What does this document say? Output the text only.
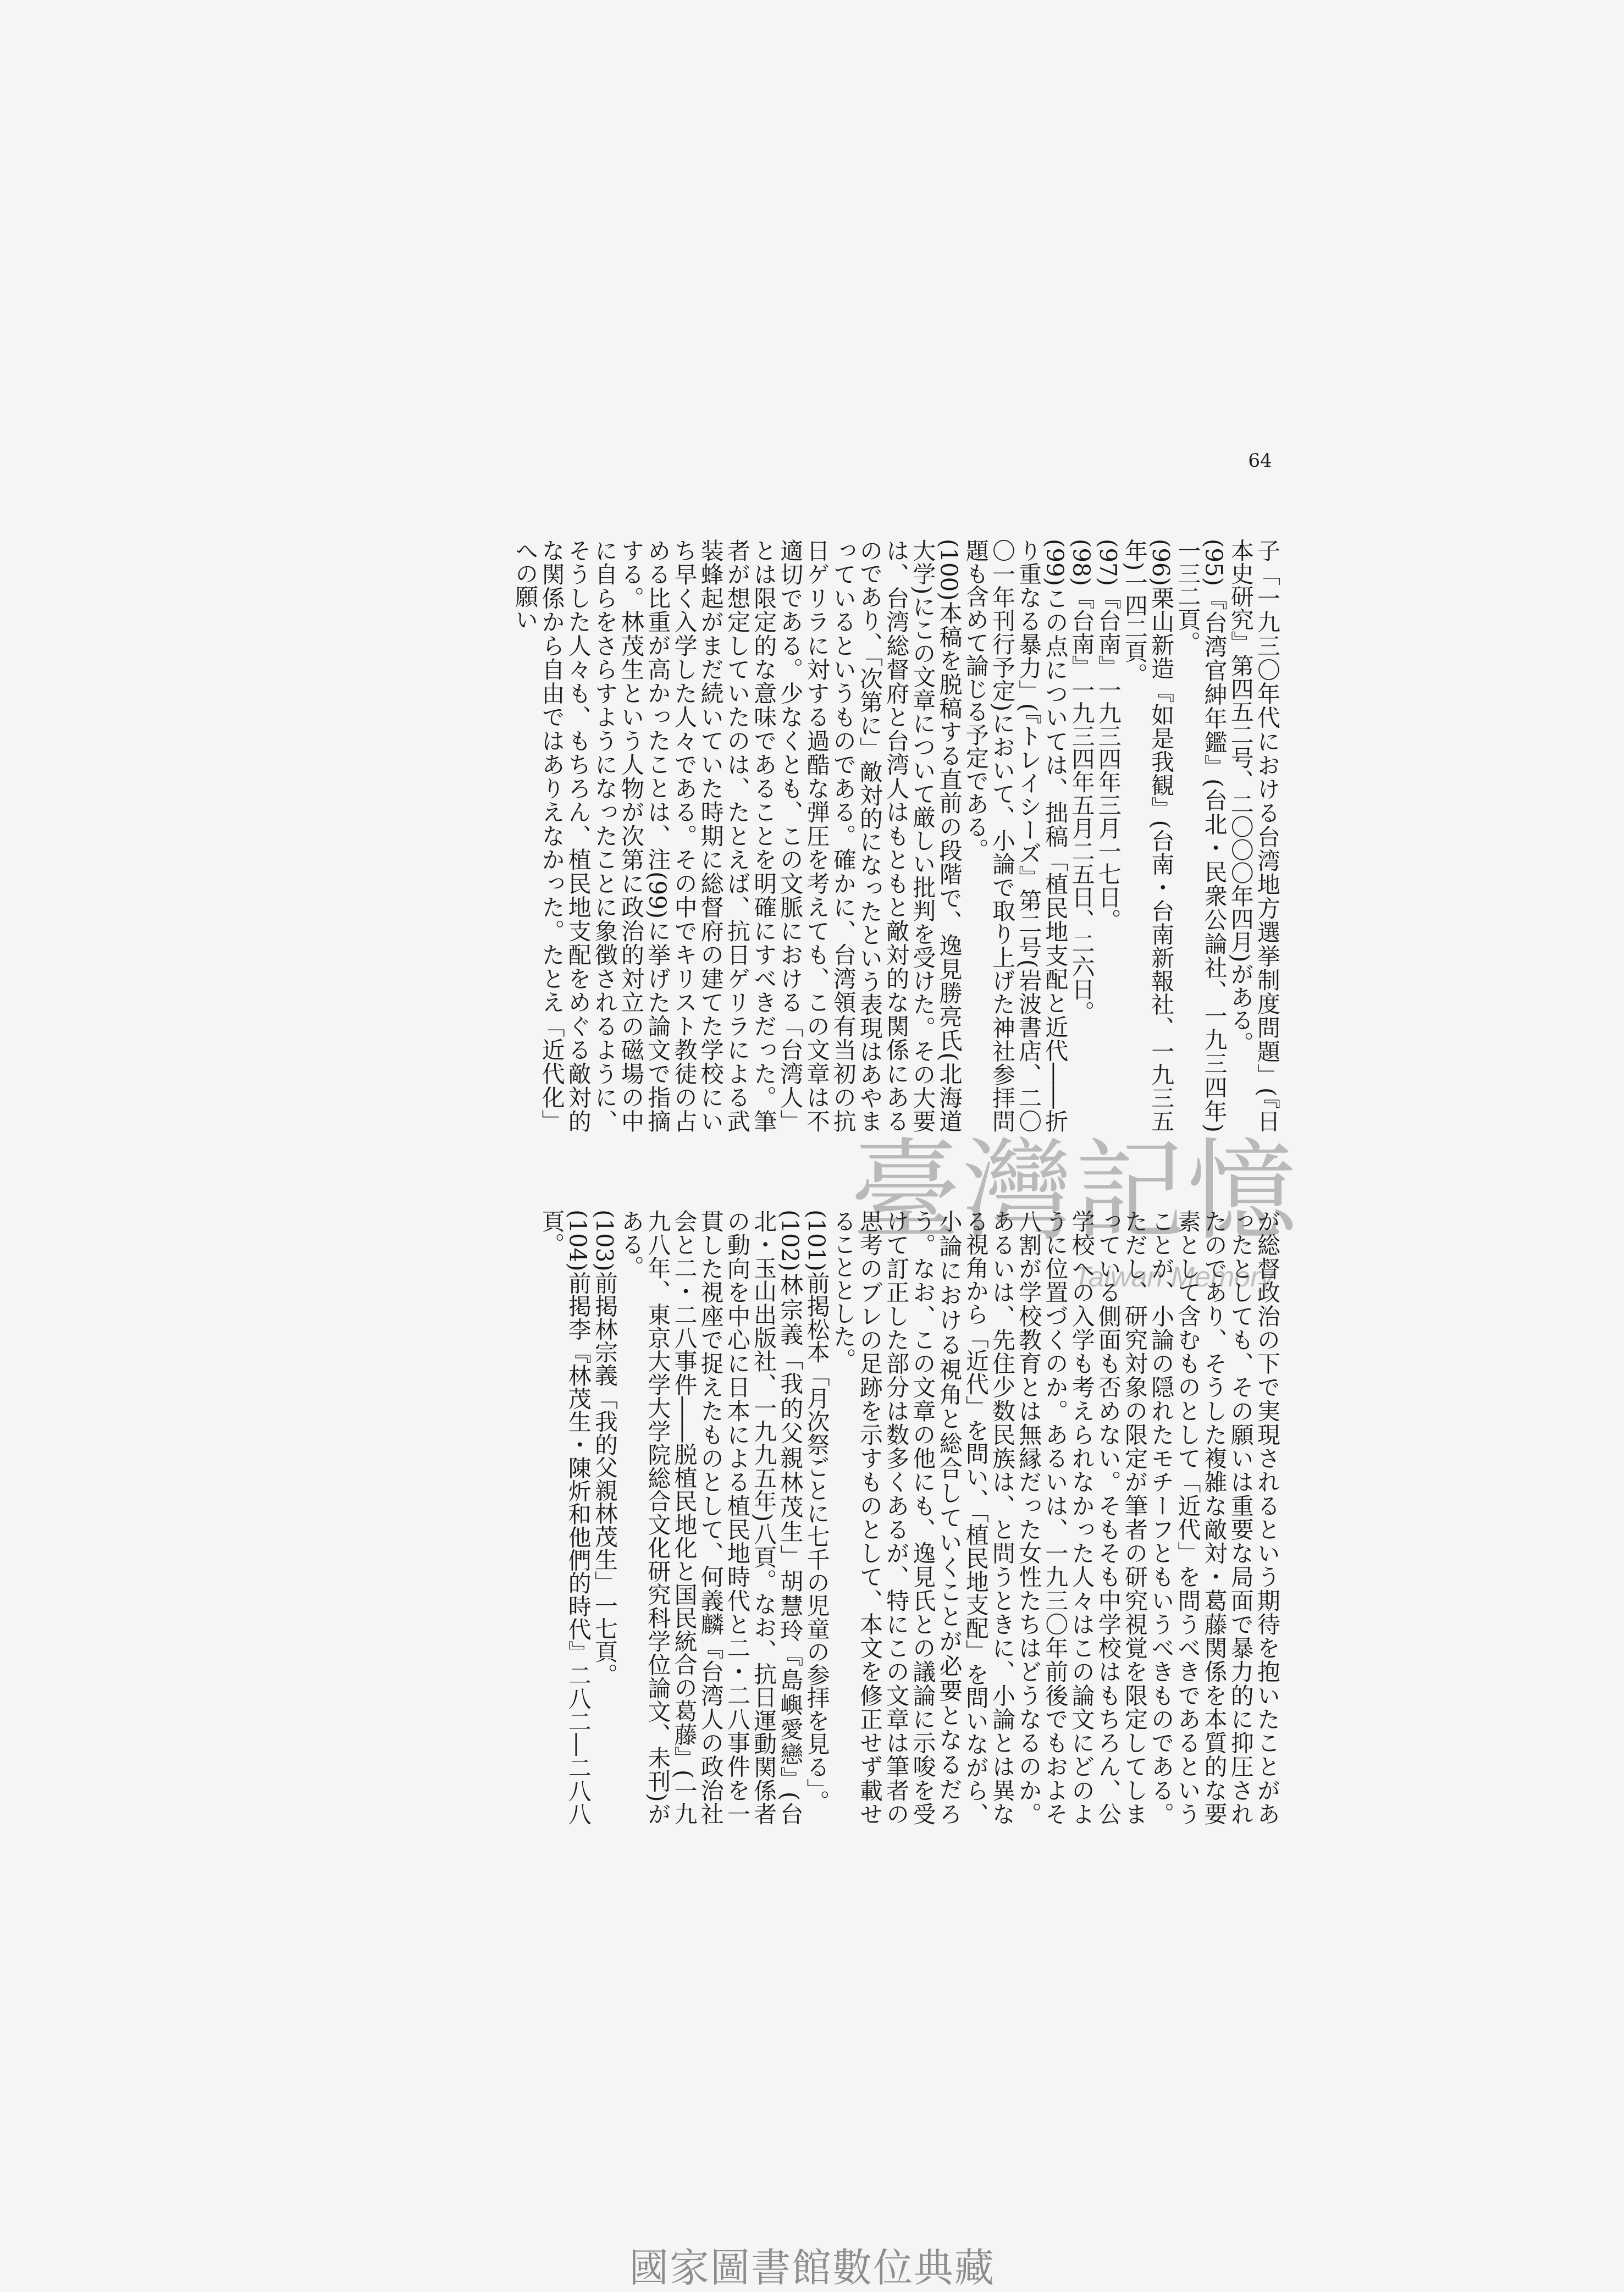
64

子「一九三〇年代における台湾地方選挙制度問題」(『日本史研究』第四五二号、二〇〇〇年四月)がある。

(95)『台湾官紳年鑑』(台北・民衆公論社、一九三四年)一三二頁。

(96)栗山新造『如是我観』(台南・台南新報社、一九三五年)一四二頁。

(97)『台南』一九三四年三月一七日。

(98)『台南』一九三四年五月二五日、二六日。

(99)この点については、拙稿「植民地支配と近代――折り重なる暴力」(『トレイシーズ』第二号(岩波書店、二〇〇一年刊行予定)において、小論で取り上げた神社参拝問題も含めて論じる予定である。

(100)本稿を脱稿する直前の段階で、逸見勝亮氏(北海道大学)にこの文章について厳しい批判を受けた。その大要は、台湾総督府と台湾人はもともと敵対的な関係にあるのであり、「次第に」敵対的になったという表現はあやまっているというものである。確かに、台湾領有当初の抗日ゲリラに対する過酷な弾圧を考えても、この文章は不適切である。少なくとも、この文脈における「台湾人」とは限定的な意味であることを明確にすべきだった。筆者が想定していたのは、たとえば、抗日ゲリラによる武装蜂起がまだ続いていた時期に総督府の建てた学校にいち早く入学した人々である。その中でキリスト教徒の占める比重が高かったことは、注(99)に挙げた論文で指摘する。林茂生という人物が次第に政治的対立の磁場の中に自らをさらすようになったことに象徴されるように、そうした人々も、もちろん、植民地支配をめぐる敵対的な関係から自由ではありえなかった。たとえ「近代化」への願い

が総督政治の下で実現されるという期待を抱いたことがあったとしても、その願いは重要な局面で暴力的に抑圧されたのであり、そうした複雑な敵対・葛藤関係を本質的な要素として含むものとして「近代」を問うべきであるということが、小論の隠れたモチーフともいうべきものである。ただし、研究対象の限定が筆者の研究視覚を限定してしまっている側面も否めない。そもそも中学校はもちろん、公学校への入学も考えられなかった人々はこの論文にどのように位置づくのか。あるいは、一九三〇年前後でもおよそ八割が学校教育とは無縁だった女性たちはどうなるのか。あるいは、先住少数民族は、と問うときに、小論とは異なる視角から「近代」を問い、「植民地支配」を問いながら、小論における視角と総合していくことが必要となるだろう。なお、この文章の他にも、逸見氏との議論に示唆を受けて訂正した部分は数多くあるが、特にこの文章は筆者の思考のブレの足跡を示すものとして、本文を修正せず載せることとした。

(101)前掲松本「月次祭ごとに七千の児童の参拝を見る」。

(102)林宗義「我的父親林茂生」胡慧玲『島嶼愛戀』(台北・玉山出版社、一九九五年)八頁。なお、抗日運動関係者の動向を中心に日本による植民地時代と二・二八事件を一貫した視座で捉えたものとして、何義麟『台湾人の政治社会と二・二八事件――脱植民地化と国民統合の葛藤』(一九九八年、東京大学大学院総合文化研究科学位論文、未刊)がある。

(103)前掲林宗義「我的父親林茂生」一七頁。

(104)前掲李『林茂生・陳炘和他們的時代』二八二―二八八頁。	臺灣記憶
Taiwan Memory
國家圖書館數位典藏
